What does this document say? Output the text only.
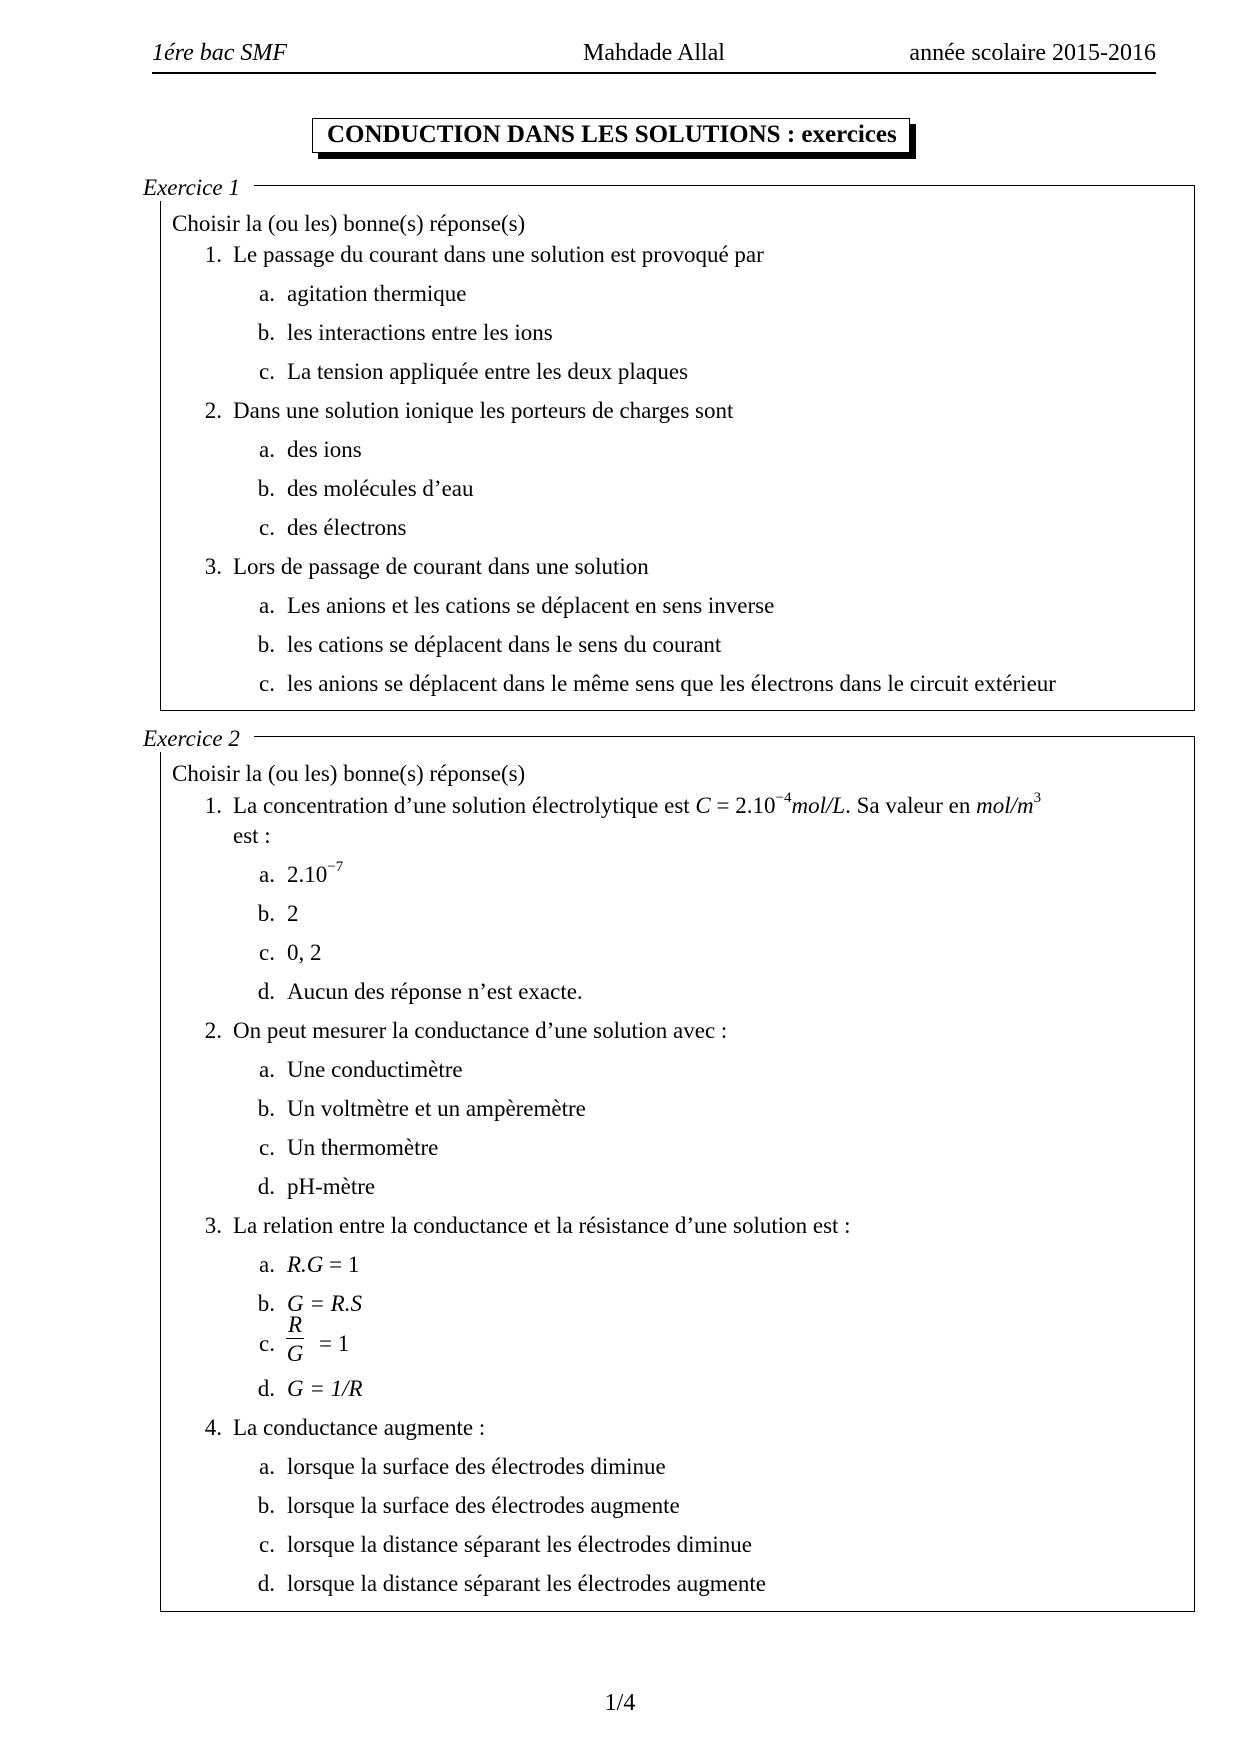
1ére bac SMF	Mahdade Allal	année scolaire 2015-2016
CONDUCTION DANS LES SOLUTIONS : exercices
Exercice 1
Choisir la (ou les) bonne(s) réponse(s)
1. Le passage du courant dans une solution est provoqué par
a. agitation thermique
b. les interactions entre les ions
c. La tension appliquée entre les deux plaques
2. Dans une solution ionique les porteurs de charges sont
a. des ions
b. des molécules d’eau
c. des électrons
3. Lors de passage de courant dans une solution
a. Les anions et les cations se déplacent en sens inverse
b. les cations se déplacent dans le sens du courant
c. les anions se déplacent dans le même sens que les électrons dans le circuit extérieur
Exercice 2
Choisir la (ou les) bonne(s) réponse(s)
1. La concentration d’une solution électrolytique est $C = 2.10^{-4}mol/L$. Sa valeur en mol/$m^3$
est :
a. $2.10^{-7}$
b. 2
c. 0, 2
d. Aucun des réponse n’est exacte.
2. On peut mesurer la conductance d’une solution avec :
a. Une conductimètre
b. Un voltmètre et un ampèremètre
c. Un thermomètre
d. pH-mètre
3. La relation entre la conductance et la résistance d’une solution est :
a. R.G = 1
b. G = R.S
c. $\frac{R}{G} = 1$
d. G = 1/R
4. La conductance augmente :
a. lorsque la surface des électrodes diminue
b. lorsque la surface des électrodes augmente
c. lorsque la distance séparant les électrodes diminue
d. lorsque la distance séparant les électrodes augmente
1/4
